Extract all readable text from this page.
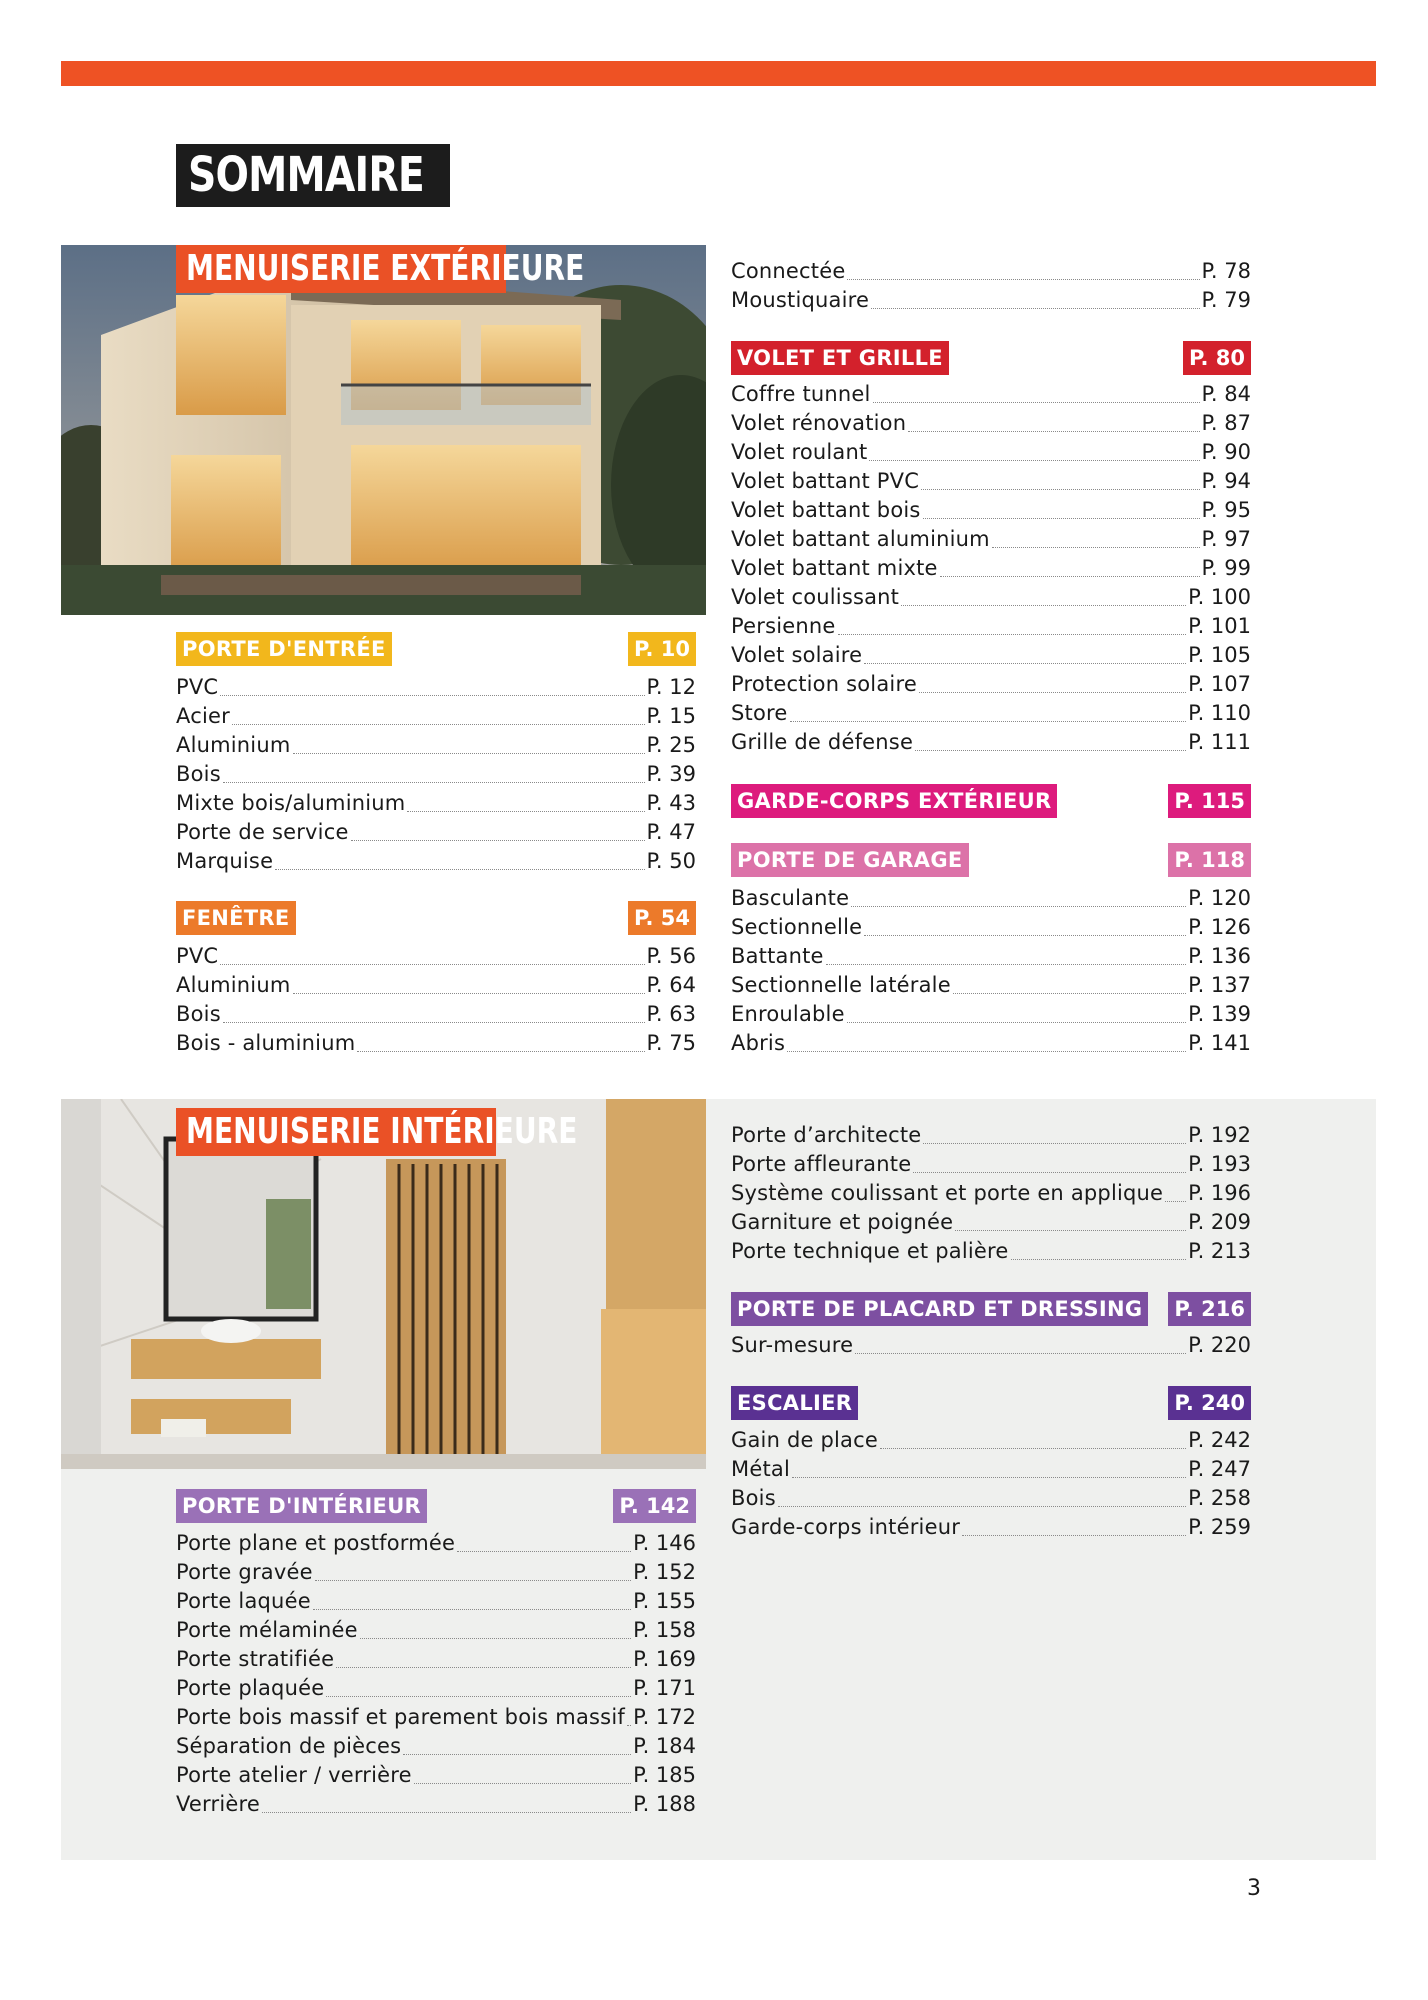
SOMMAIRE
MENUISERIE EXTÉRIEURE
MENUISERIE INTÉRIEURE
PORTE D'ENTRÉE	P. 10
PVC	P. 12
Acier	P. 15
Aluminium	P. 25
Bois	P. 39
Mixte bois/aluminium	P. 43
Porte de service	P. 47
Marquise	P. 50
FENÊTRE	P. 54
PVC	P. 56
Aluminium	P. 64
Bois	P. 63
Bois - aluminium	P. 75
Connectée	P. 78
Moustiquaire	P. 79
VOLET ET GRILLE	P. 80
Coffre tunnel	P. 84
Volet rénovation	P. 87
Volet roulant	P. 90
Volet battant PVC	P. 94
Volet battant bois	P. 95
Volet battant aluminium	P. 97
Volet battant mixte	P. 99
Volet coulissant	P. 100
Persienne	P. 101
Volet solaire	P. 105
Protection solaire	P. 107
Store	P. 110
Grille de défense	P. 111
GARDE-CORPS EXTÉRIEUR	P. 115
PORTE DE GARAGE	P. 118
Basculante	P. 120
Sectionnelle	P. 126
Battante	P. 136
Sectionnelle latérale	P. 137
Enroulable	P. 139
Abris	P. 141
PORTE D'INTÉRIEUR	P. 142
Porte plane et postformée	P. 146
Porte gravée	P. 152
Porte laquée	P. 155
Porte mélaminée	P. 158
Porte stratifiée	P. 169
Porte plaquée	P. 171
Porte bois massif et parement bois massif P. 172
Séparation de pièces	P. 184
Porte atelier / verrière	P. 185
Verrière	P. 188
Porte d’architecte	P. 192
Porte affleurante	P. 193
Système coulissant et porte en applique P. 196
Garniture et poignée	P. 209
Porte technique et palière	P. 213
PORTE DE PLACARD ET DRESSING P. 216
Sur-mesure	P. 220
ESCALIER	P. 240
Gain de place	P. 242
Métal	P. 247
Bois	P. 258
Garde-corps intérieur	P. 259
3
